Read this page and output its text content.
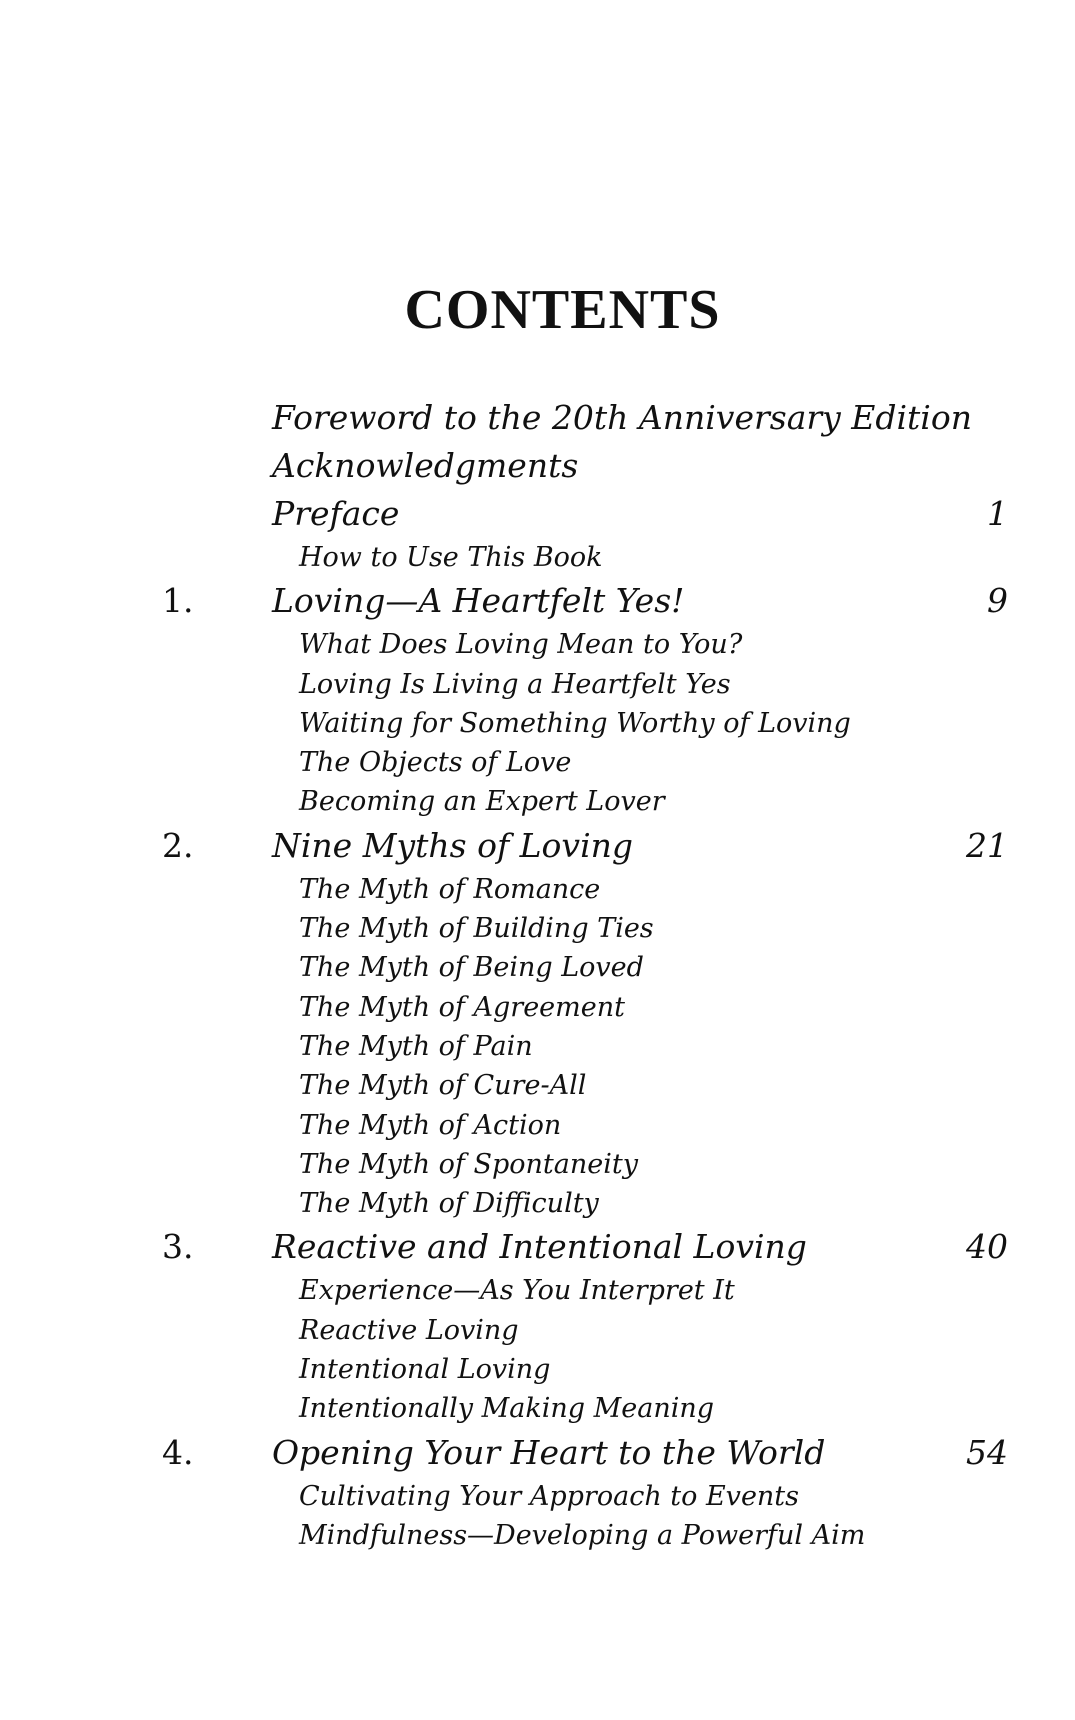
CONTENTS
Foreword to the 20th Anniversary Edition
Acknowledgments
Preface	1
How to Use This Book
1. Loving—A Heartfelt Yes!	9
What Does Loving Mean to You?
Loving Is Living a Heartfelt Yes
Waiting for Something Worthy of Loving
The Objects of Love
Becoming an Expert Lover
2. Nine Myths of Loving	21
The Myth of Romance
The Myth of Building Ties
The Myth of Being Loved
The Myth of Agreement
The Myth of Pain
The Myth of Cure-All
The Myth of Action
The Myth of Spontaneity
The Myth of Difficulty
3. Reactive and Intentional Loving	40
Experience—As You Interpret It
Reactive Loving
Intentional Loving
Intentionally Making Meaning
4. Opening Your Heart to the World	54
Cultivating Your Approach to Events
Mindfulness—Developing a Powerful Aim
